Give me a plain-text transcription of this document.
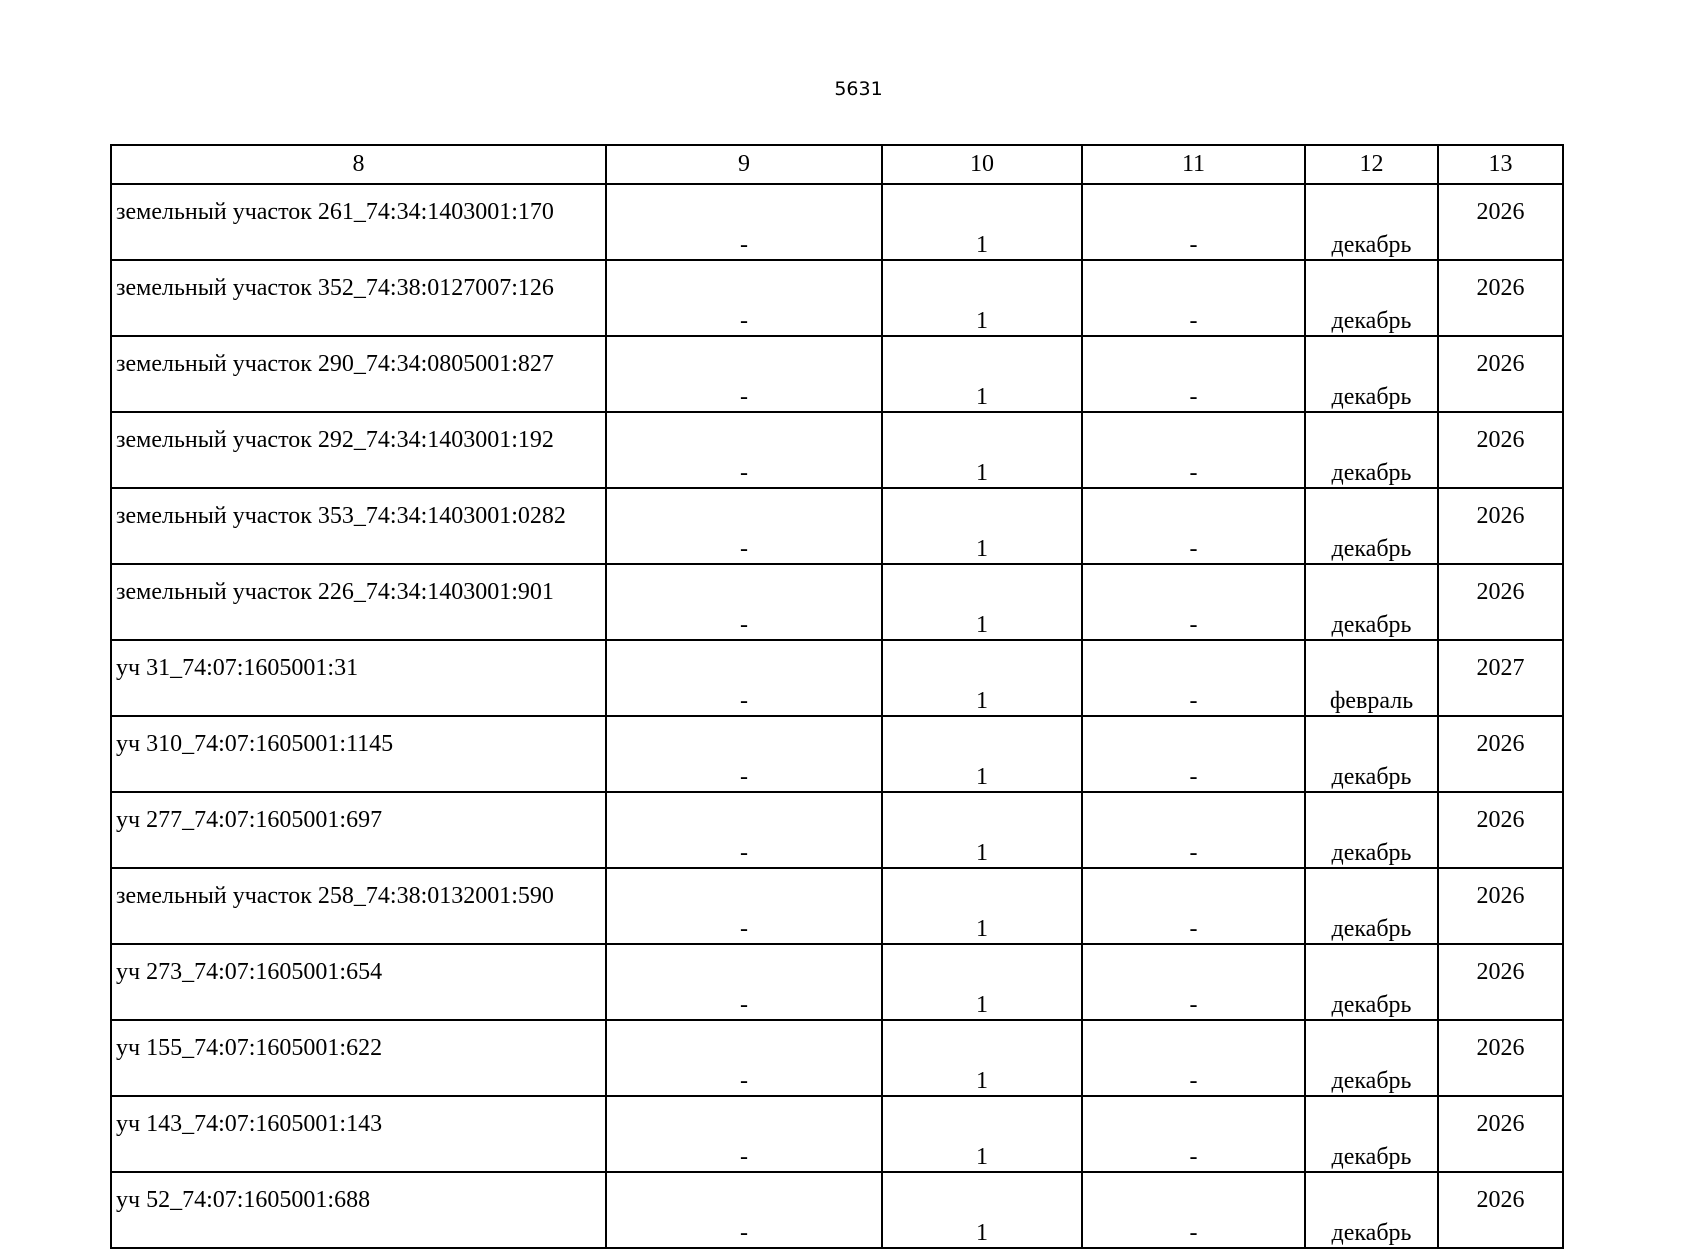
5631
8	9	10	11	12	13
земельный участок 261_74:34:1403001:170	-	1	-	декабрь	2026
земельный участок 352_74:38:0127007:126	-	1	-	декабрь	2026
земельный участок 290_74:34:0805001:827	-	1	-	декабрь	2026
земельный участок 292_74:34:1403001:192	-	1	-	декабрь	2026
земельный участок 353_74:34:1403001:0282	-	1	-	декабрь	2026
земельный участок 226_74:34:1403001:901	-	1	-	декабрь	2026
уч 31_74:07:1605001:31	-	1	-	февраль	2027
уч 310_74:07:1605001:1145	-	1	-	декабрь	2026
уч 277_74:07:1605001:697	-	1	-	декабрь	2026
земельный участок 258_74:38:0132001:590	-	1	-	декабрь	2026
уч 273_74:07:1605001:654	-	1	-	декабрь	2026
уч 155_74:07:1605001:622	-	1	-	декабрь	2026
уч 143_74:07:1605001:143	-	1	-	декабрь	2026
уч 52_74:07:1605001:688	-	1	-	декабрь	2026
